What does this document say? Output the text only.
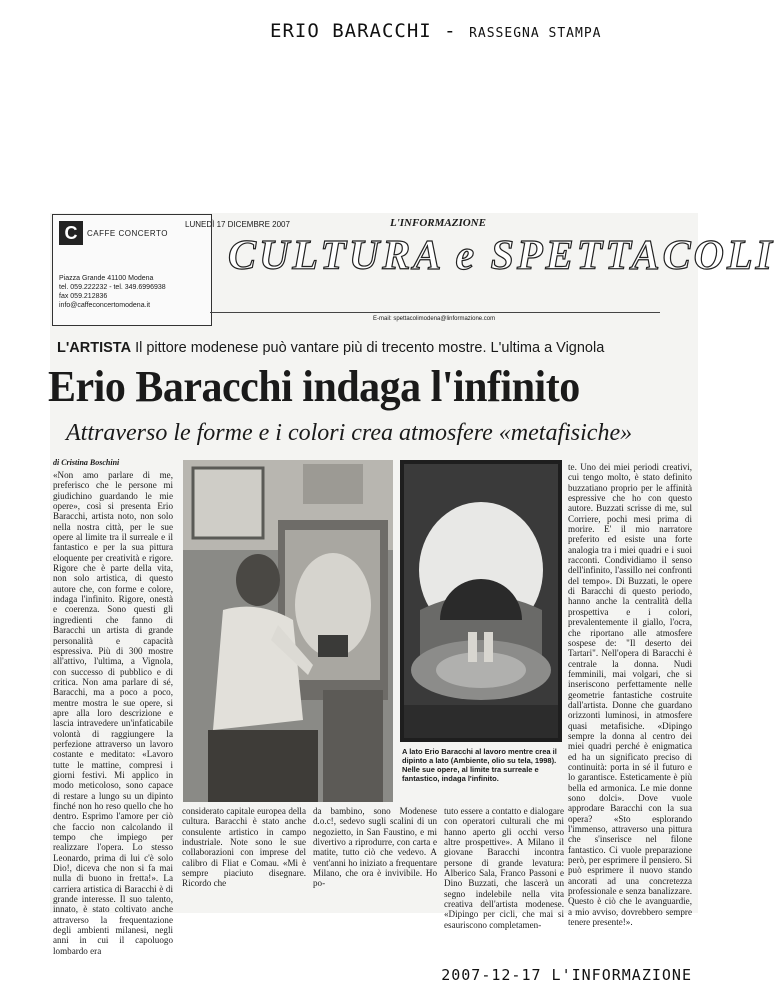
ERIO BARACCHI - RASSEGNA STAMPA
C	CAFFE CONCERTO
Piazza Grande 41100 Modena
tel. 059.222232 - tel. 349.6996938
fax 059.212836
info@caffeconcertomodena.it
LUNEDÌ 17 DICEMBRE 2007	L'INFORMAZIONE
CULTURA e SPETTACOLI
E-mail: spettacolimodena@linformazione.com
L'ARTISTA Il pittore modenese può vantare più di trecento mostre. L'ultima a Vignola
Erio Baracchi indaga l'infinito
Attraverso le forme e i colori crea atmosfere «metafisiche»
di Cristina Boschini

«Non amo parlare di me, preferisco che le persone mi giudichino guardando le mie opere», così si presenta Erio Baracchi, artista noto, non solo nella nostra città, per le sue opere al limite tra il surreale e il fantastico e per la sua pittura eloquente per creatività e rigore. Rigore che è parte della vita, non solo artistica, di questo autore che, con forme e colore, indaga l'infinito. Rigore, onestà e coerenza. Sono questi gli ingredienti che fanno di Baracchi un artista di grande personalità e capacità espressiva. Più di 300 mostre all'attivo, l'ultima, a Vignola, con successo di pubblico e di critica. Non ama parlare di sé, Baracchi, ma a poco a poco, mentre mostra le sue opere, si apre alla loro descrizione e lascia intravedere un'infaticabile volontà di raggiungere la perfezione attraverso un lavoro costante e meditato: «Lavoro tutte le mattine, compresi i giorni festivi. Mi applico in modo meticoloso, sono capace di restare a lungo su un dipinto finché non ho reso quello che ho dentro. Esprimo l'amore per ciò che faccio non calcolando il tempo che impiego per realizzare l'opera. Lo stesso Leonardo, prima di lui c'è solo Dio!, diceva che non si fa mai nulla di buono in fretta!». La carriera artistica di Baracchi è di grande interesse. Il suo talento, innato, è stato coltivato anche attraverso la frequentazione degli ambienti milanesi, negli anni in cui il capoluogo lombardo era

considerato capitale europea della cultura. Baracchi è stato anche consulente artistico in campo industriale. Note sono le sue collaborazioni con imprese del calibro di Fliat e Comau. «Mi è sempre piaciuto disegnare. Ricordo che

da bambino, sono Modenese d.o.c!, sedevo sugli scalini di un negozietto, in San Faustino, e mi divertivo a riprodurre, con carta e matite, tutto ciò che vedevo. A vent'anni ho iniziato a frequentare Milano, che ora è invivibile. Ho po-

tuto essere a contatto e dialogare con operatori culturali che mi hanno aperto gli occhi verso altre prospettive». A Milano il giovane Baracchi incontra persone di grande levatura: Alberico Sala, Franco Passoni e Dino Buzzati, che lascerà un segno indelebile nella vita creativa dell'artista modenese. «Dipingo per cicli, che mai si esauriscono completamen-

te. Uno dei miei periodi creativi, cui tengo molto, è stato definito buzzatiano proprio per le affinità espressive che ho con questo autore. Buzzati scrisse di me, sul Corriere, pochi mesi prima di morire. E' il mio narratore preferito ed esiste una forte analogia tra i miei quadri e i suoi racconti. Condividiamo il senso dell'infinito, l'assillo nei confronti del tempo». Di Buzzati, le opere di Baracchi di questo periodo, hanno anche la centralità della prospettiva e i colori, prevalentemente il giallo, l'ocra, che riportano alle atmosfere sospese de: "Il deserto dei Tartari". Nell'opera di Baracchi è centrale la donna. Nudi femminili, mai volgari, che si inseriscono perfettamente nelle geometrie fantastiche costruite dall'artista. Donne che guardano orizzonti luminosi, in atmosfere quasi metafisiche. «Dipingo sempre la donna al centro dei miei quadri perché è enigmatica ed ha un significato preciso di continuità: porta in sé il futuro e lo garantisce. Esteticamente è più bella ed armonica. Le mie donne sono dolci». Dove vuole approdare Baracchi con la sua opera? «Sto esplorando l'immenso, attraverso una pittura che s'inserisce nel filone fantastico. Ci vuole preparazione però, per esprimere il pensiero. Si può esprimere il nuovo stando ancorati ad una concretezza professionale e senza banalizzare. Questo è ciò che le avanguardie, a mio avviso, dovrebbero sempre tenere presente!».

A lato Erio Baracchi al lavoro mentre crea il dipinto a lato (Ambiente, olio su tela, 1998). Nelle sue opere, al limite tra surreale e fantastico, indaga l'infinito.

2007-12-17 L'INFORMAZIONE
